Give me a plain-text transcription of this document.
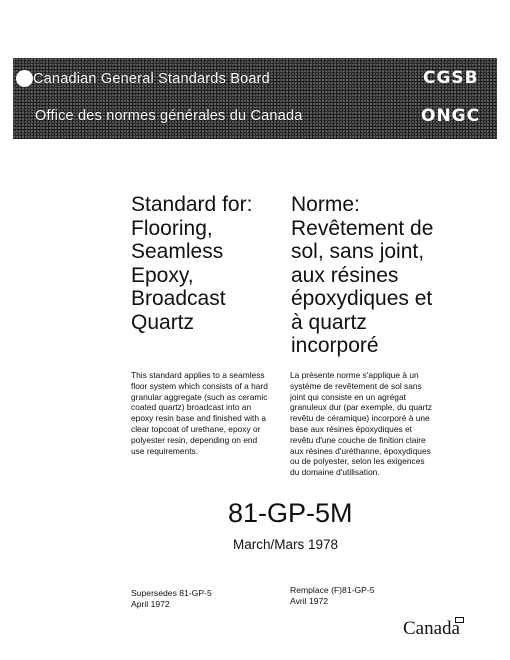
Canadian General Standards Board
Office des normes générales du Canada
CGSB
ONGC
Standard for:
Flooring,
Seamless
Epoxy,
Broadcast
Quartz
Norme:
Revêtement de
sol, sans joint,
aux résines
époxydiques et
à quartz
incorporé
This standard applies to a seamless floor system which consists of a hard granular aggregate (such as ceramic coated quartz) broadcast into an epoxy resin base and finished with a clear topcoat of urethane, epoxy or polyester resin, depending on end use requirements.
La présente norme s'applique à un système de revêtement de sol sans joint qui consiste en un agrégat granuleux dur (par exemple, du quartz revêtu de céramique) incorporé à une base aux résines époxydiques et revêtu d'une couche de finition claire aux résines d'uréthanne, époxydiques ou de polyester, selon les exigences du domaine d'utilisation.
81-GP-5M
March/Mars 1978
Supersedes 81-GP-5
April 1972
Remplace (F)81-GP-5
Avril 1972
Canada
